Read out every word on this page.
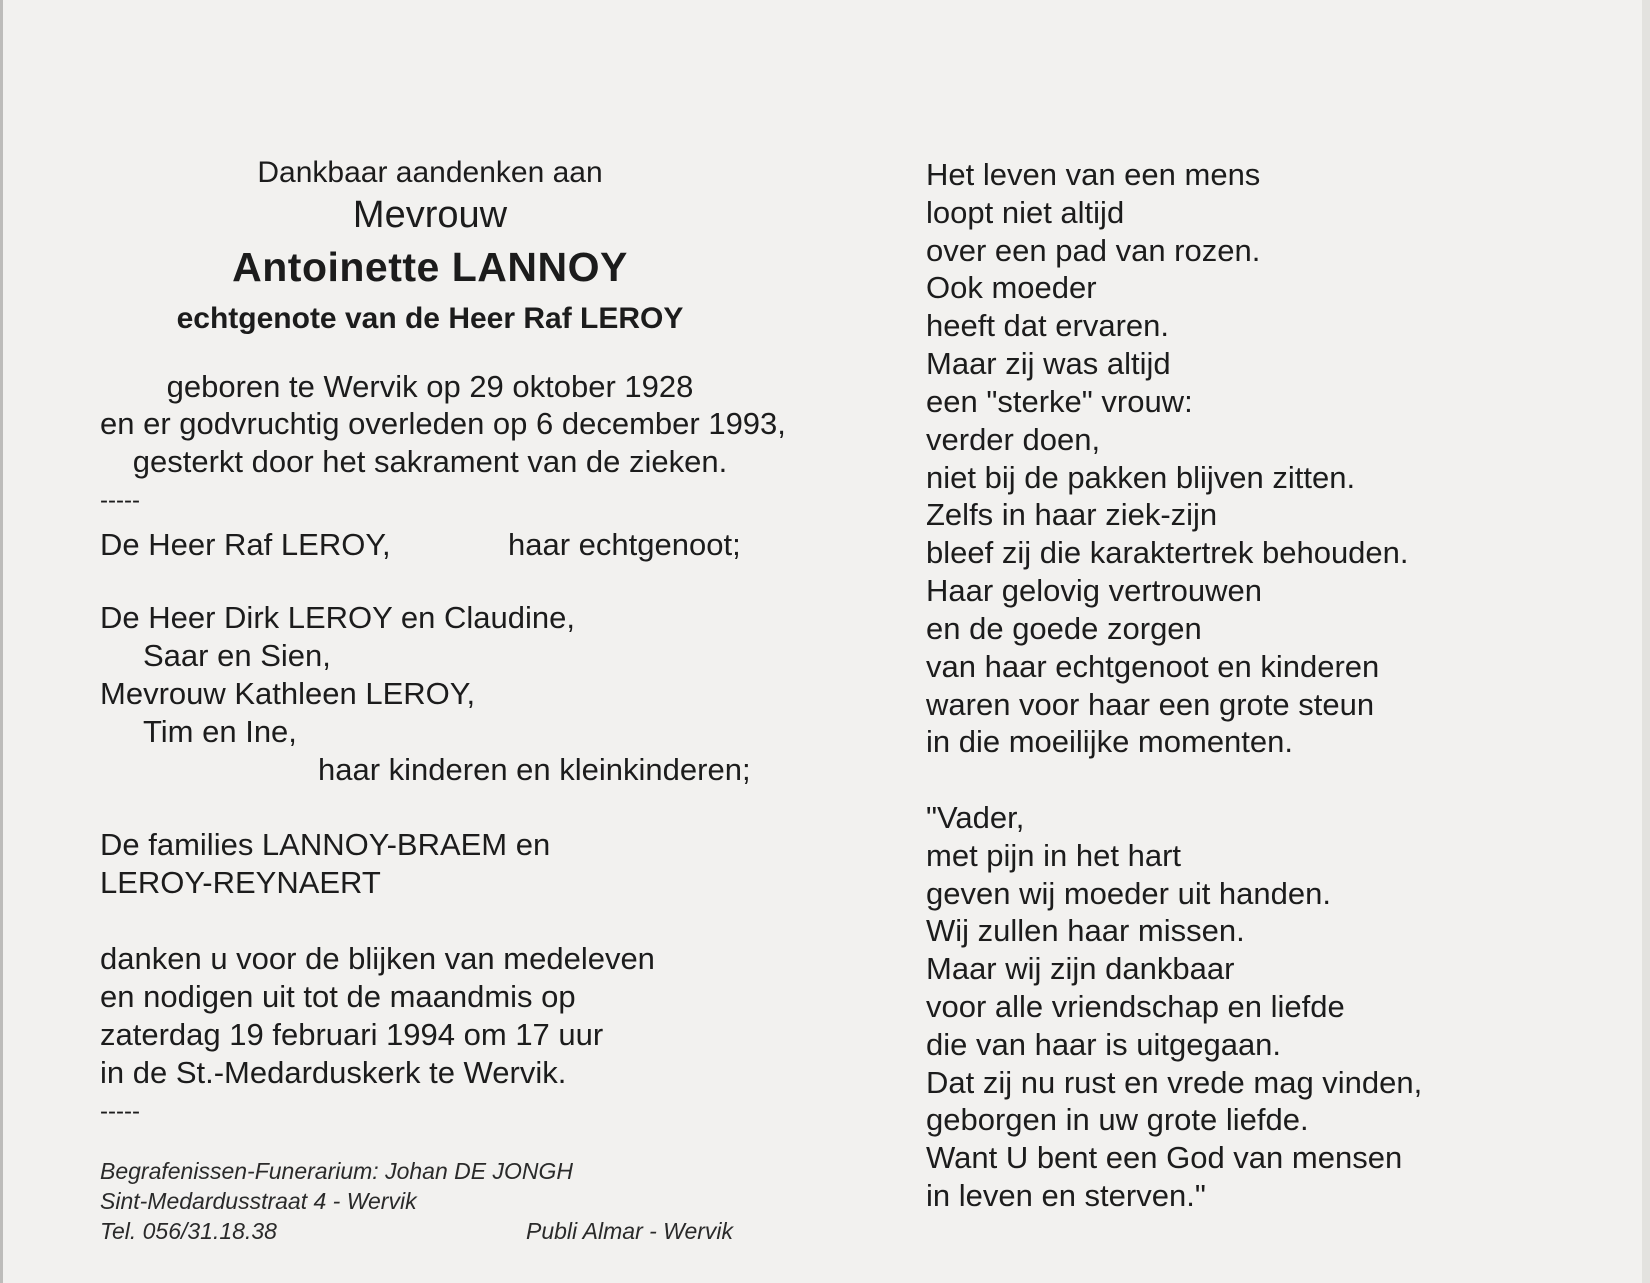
Dankbaar aandenken aan
Mevrouw
Antoinette LANNOY
echtgenote van de Heer Raf LEROY
geboren te Wervik op 29 oktober 1928
en er godvruchtig overleden op 6 december 1993,
gesterkt door het sakrament van de zieken.
-----
De Heer Raf LEROY,	haar echtgenoot;
De Heer Dirk LEROY en Claudine,
Saar en Sien,
Mevrouw Kathleen LEROY,
Tim en Ine,
haar kinderen en kleinkinderen;
De families LANNOY-BRAEM en
LEROY-REYNAERT
danken u voor de blijken van medeleven
en nodigen uit tot de maandmis op
zaterdag 19 februari 1994 om 17 uur
in de St.-Medarduskerk te Wervik.
-----
Begrafenissen-Funerarium: Johan DE JONGH
Sint-Medardusstraat 4 - Wervik
Tel. 056/31.18.38	Publi Almar - Wervik
Het leven van een mens
loopt niet altijd
over een pad van rozen.
Ook moeder
heeft dat ervaren.
Maar zij was altijd
een "sterke" vrouw:
verder doen,
niet bij de pakken blijven zitten.
Zelfs in haar ziek-zijn
bleef zij die karaktertrek behouden.
Haar gelovig vertrouwen
en de goede zorgen
van haar echtgenoot en kinderen
waren voor haar een grote steun
in die moeilijke momenten.
"Vader,
met pijn in het hart
geven wij moeder uit handen.
Wij zullen haar missen.
Maar wij zijn dankbaar
voor alle vriendschap en liefde
die van haar is uitgegaan.
Dat zij nu rust en vrede mag vinden,
geborgen in uw grote liefde.
Want U bent een God van mensen
in leven en sterven."
